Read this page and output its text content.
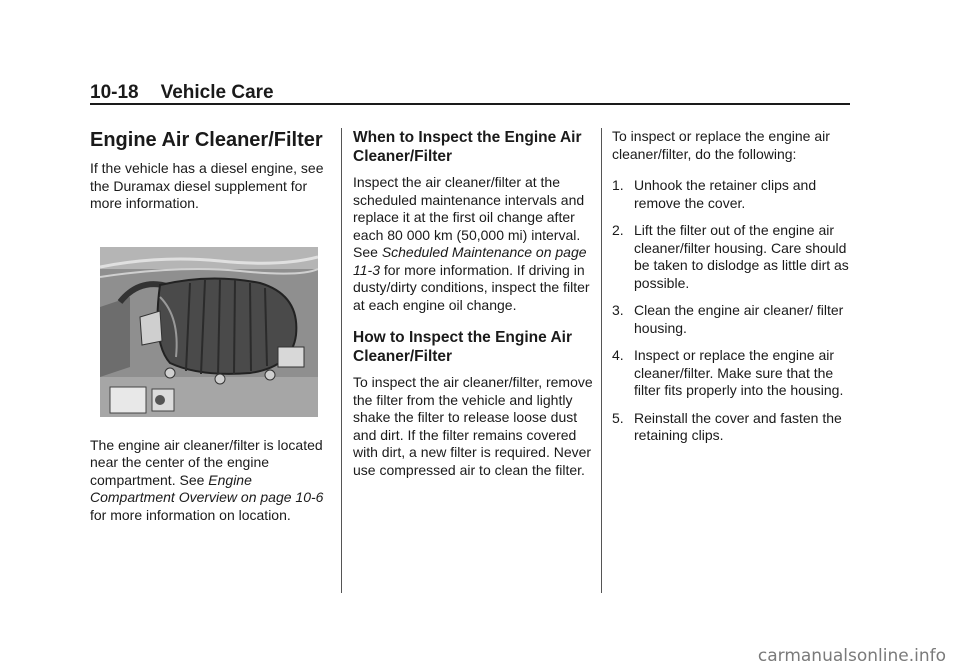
10-18 Vehicle Care
Engine Air Cleaner/Filter

If the vehicle has a diesel engine, see the Duramax diesel supplement for more information.

The engine air cleaner/filter is located near the center of the engine compartment. See Engine Compartment Overview on page 10-6 for more information on location.

When to Inspect the Engine Air Cleaner/Filter

Inspect the air cleaner/filter at the scheduled maintenance intervals and replace it at the first oil change after each 80 000 km (50,000 mi) interval. See Scheduled Maintenance on page 11-3 for more information. If driving in dusty/dirty conditions, inspect the filter at each engine oil change.

How to Inspect the Engine Air Cleaner/Filter

To inspect the air cleaner/filter, remove the filter from the vehicle and lightly shake the filter to release loose dust and dirt. If the filter remains covered with dirt, a new filter is required. Never use compressed air to clean the filter.

To inspect or replace the engine air cleaner/filter, do the following:

1. Unhook the retainer clips and remove the cover.
2. Lift the filter out of the engine air cleaner/filter housing. Care should be taken to dislodge as little dirt as possible.
3. Clean the engine air cleaner/ filter housing.
4. Inspect or replace the engine air cleaner/filter. Make sure that the filter fits properly into the housing.
5. Reinstall the cover and fasten the retaining clips.
carmanualsonline.info
